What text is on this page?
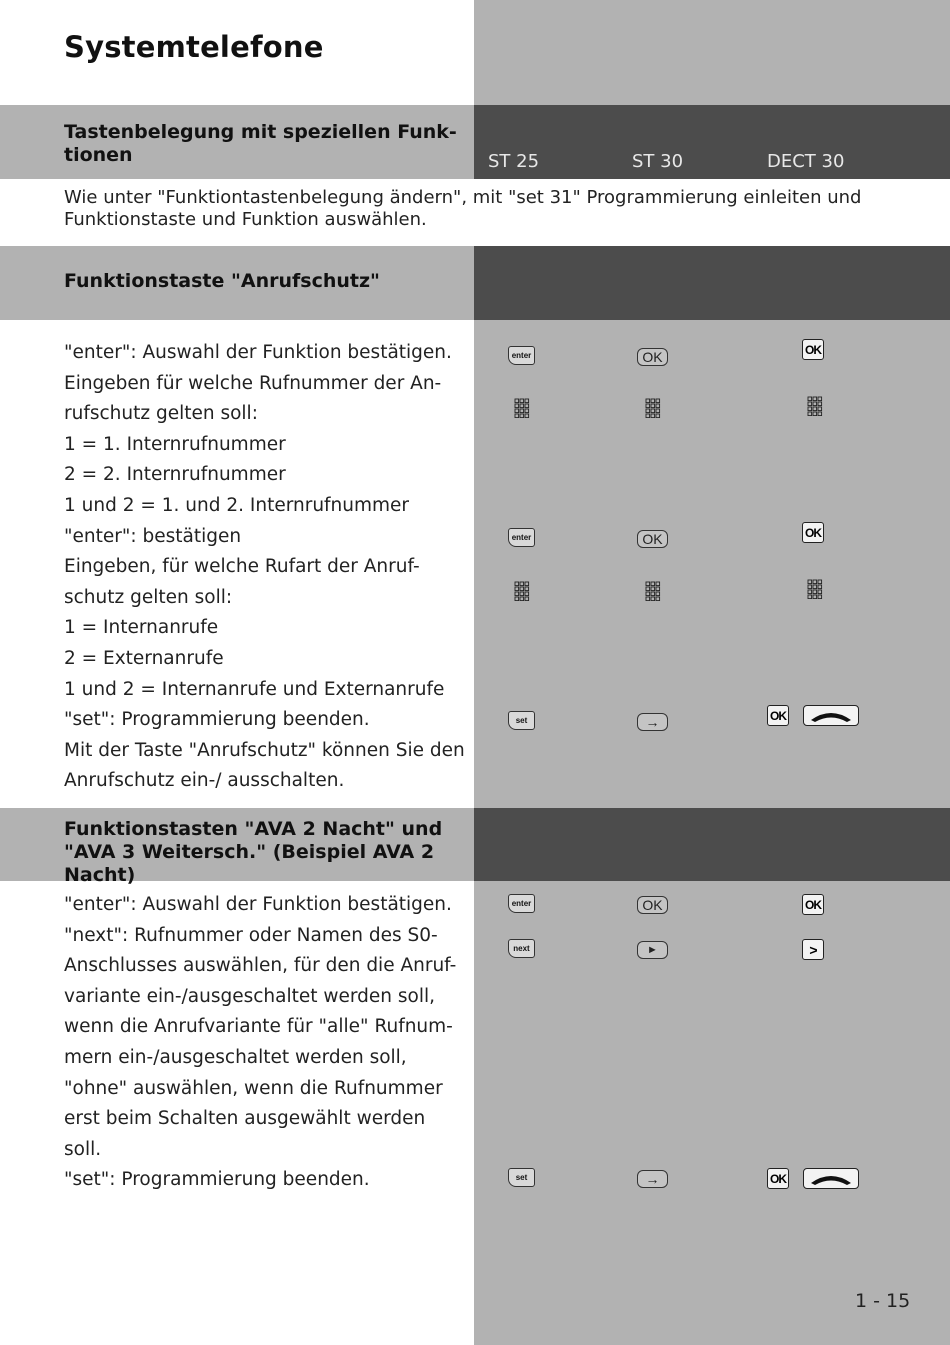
Systemtelefone
Tastenbelegung mit speziellen Funk- tionen	ST 25	ST 30	DECT 30
Wie unter "Funktiontastenbelegung ändern", mit "set 31" Programmierung einleiten und Funktionstaste und Funktion auswählen.
Funktionstaste "Anrufschutz"
"enter": Auswahl der Funktion bestätigen.
Eingeben für welche Rufnummer der An-
rufschutz gelten soll:
1 = 1. Internrufnummer
2 = 2. Internrufnummer
1 und 2 = 1. und 2. Internrufnummer
"enter": bestätigen
Eingeben, für welche Rufart der Anruf-
schutz gelten soll:
1 = Internanrufe
2 = Externanrufe
1 und 2 = Internanrufe und Externanrufe
"set": Programmierung beenden.
Mit der Taste "Anrufschutz" können Sie den
Anrufschutz ein-/ ausschalten.
enter	OK	OK
enter	OK	OK
set	→	OK
Funktionstasten "AVA 2 Nacht" und "AVA 3 Weitersch." (Beispiel AVA 2 Nacht)
"enter": Auswahl der Funktion bestätigen.
"next": Rufnummer oder Namen des S0-
Anschlusses auswählen, für den die Anruf-
variante ein-/ausgeschaltet werden soll,
wenn die Anrufvariante für "alle" Rufnum-
mern ein-/ausgeschaltet werden soll,
"ohne" auswählen, wenn die Rufnummer
erst beim Schalten ausgewählt werden
soll.
"set": Programmierung beenden.
enter	OK	OK
next	►	>
set	→	OK
1 - 15
